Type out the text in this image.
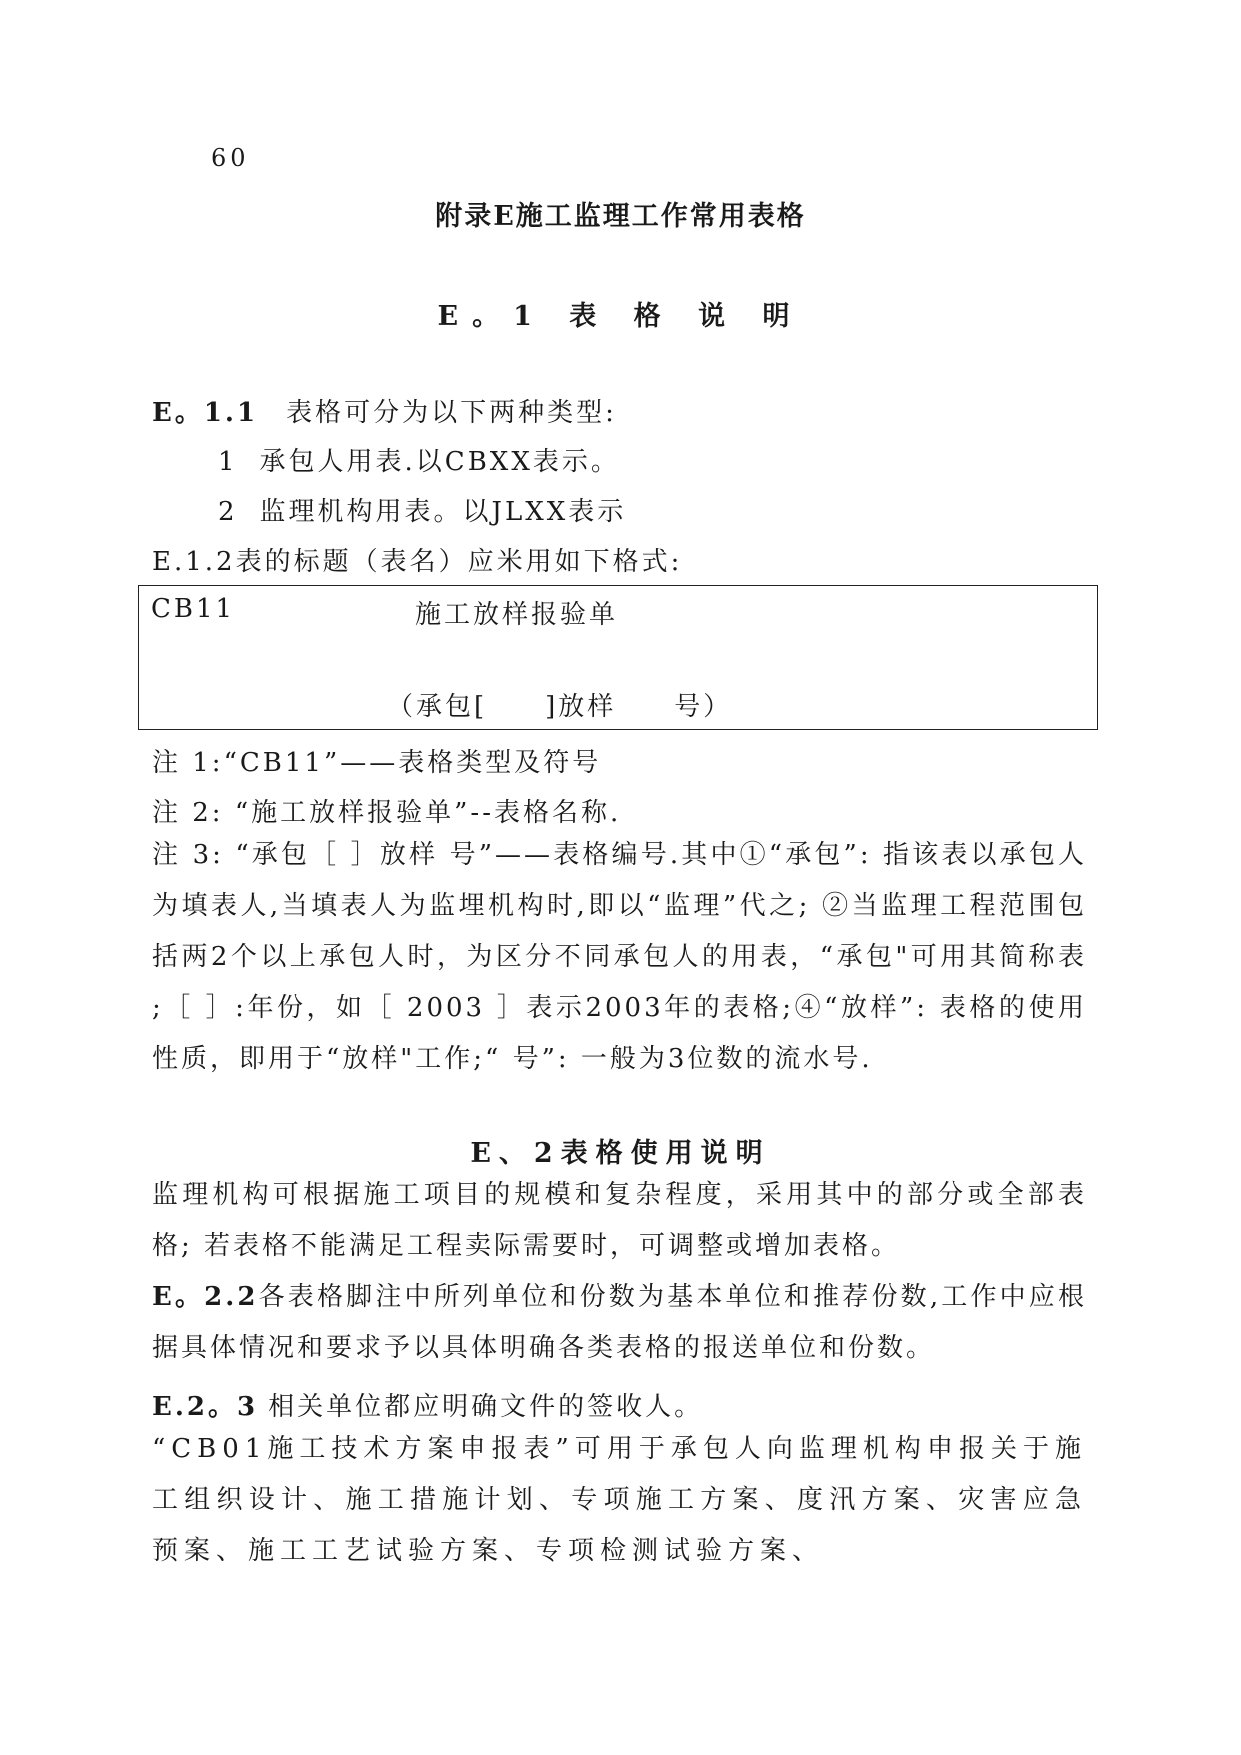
60
附录E施工监理工作常用表格
E。1 表 格 说 明
E。1.1 表格可分为以下两种类型:
1 承包人用表.以CBXX表示。
2 监理机构用表。以JLXX表示
E.1.2表的标题（表名）应米用如下格式:
CB11	施工放样报验单
（承包[　　]放样　　号）
注 1:“CB11”——表格类型及符号
注 2: “施工放样报验单”--表格名称.
注 3: “承包［ ］放样 号”——表格编号.其中①“承包”: 指该表以承包人为填表人,当填表人为监埋机构时,即以“监理”代之; ②当监理工程范围包括两2个以上承包人时，为区分不同承包人的用表，“承包"可用其简称表 ;［ ］:年份，如［ 2003 ］表示2003年的表格;④“放样”: 表格的使用性质，即用于“放样"工作;“ 号”: 一般为3位数的流水号.
E、2表格使用说明
监理机构可根据施工项目的规模和复杂程度，采用其中的部分或全部表格; 若表格不能满足工程卖际需要时，可调整或增加表格。
E。2.2各表格脚注中所列单位和份数为基本单位和推荐份数,工作中应根据具体情况和要求予以具体明确各类表格的报送单位和份数。
E.2。3 相关单位都应明确文件的签收人。
“CB01施工技术方案申报表”可用于承包人向监理机构申报关于施工组织设计、施工措施计划、专项施工方案、度汛方案、灾害应急预案、施工工艺试验方案、专项检测试验方案、
